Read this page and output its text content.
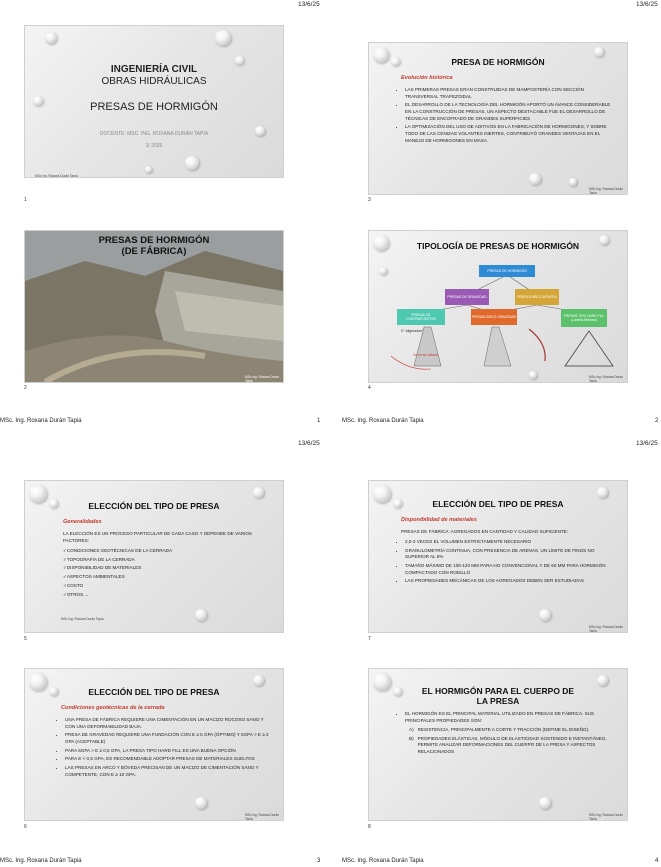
13/6/25	13/6/25
INGENIERÍA CIVIL
OBRAS HIDRÁULICAS
PRESAS DE HORMIGÓN
DOCENTE: MSC. ING. ROXANA DURÁN TAPIA
1/ 2025
MSc Ing. Roxana Durán Tapia
1
PRESA DE HORMIGÓN
Evolución histórica
• LAS PRIMERAS PRESAS ERAN CONSTRUIDAS DE MAMPOSTERÍA CON SECCIÓN TRANSVERSAL TRAPEZOIDAL
• EL DESARROLLO DE LA TECNOLOGÍA DEL HORMIGÓN APORTÓ UN AVANCE CONSIDERABLE EN LA CONSTRUCCIÓN DE PRESAS, UN ASPECTO DESTACABLE FUE EL DESARROLLO DE TÉCNICAS DE ENCOFRADO DE GRANDES SUPERFICIES
• LA OPTIMIZACIÓN DEL USO DE ADITIVOS EN LA FABRICACIÓN DE HORMIGONES, Y SOBRE TODO DE LAS CENIZAS VOLANTES INERTES, CONTRIBUYÓ GRANDES VENTAJAS EN EL MANEJO DE HORMIGONES EN MASA.
MSc Ing. Roxana Durán Tapia
3
PRESAS DE HORMIGÓN
(DE FÁBRICA)
MSc Ing. Roxana Durán Tapia
2
TIPOLOGÍA DE PRESAS DE HORMIGÓN
PRESAS DE HORMIGÓN
PRESAS DE GRAVEDAD	PRESAS ARCO-BÓVEDA
PRESAS DE CONTRAFUERTES
PRESAS ARCO-GRAVEDAD	PRESAS TIPO HARD FILL (Ladera-Rellena)
D "aligeradas"
Ya no se utilizan
MSc Ing. Roxana Durán Tapia
4
MSc. Ing. Roxana Durán Tapia	1	MSc. Ing. Roxana Durán Tapia	2
13/6/25	13/6/25
ELECCIÓN DEL TIPO DE PRESA
Generalidades
LA ELECCIÓN ES UN PROCESO PARTICULAR DE CADA CASO Y DEPENDE DE VARIOS FACTORES:
✓CONDICIONES GEOTÉCNICAS DE LA CERRADA
✓TOPOGRAFÍA DE LA CERRADA
✓DISPONIBILIDAD DE MATERIALES
✓ASPECTOS AMBIENTALES
✓COSTO
✓OTROS....
MSc Ing. Roxana Durán Tapia
5
ELECCIÓN DEL TIPO DE PRESA
Disponibilidad de materiales
PRESAS DE FÁBRICA: AGREGADOS EN CANTIDAD Y CALIDAD SUFICIENTE:
• 2,5-3 VECES EL VOLUMEN ESTRICTAMENTE NECESARIO
• GRANULOMETRÍA CONTINUA, CON PRESENCIA DE ARENAS, UN LÍMITE DE FINOS NO SUPERIOR AL 5%
• TAMAÑO MÁXIMO DE 100-120 MM PARA HO CONVENCIONAL Y DE 60 MM PARA HORMIGÓN COMPACTADO CON RODILLO
• LAS PROPIEDADES MECÁNICAS DE LOS AGREGADOS DEBEN SER ESTUDIADAS
MSc Ing. Roxana Durán Tapia
7
ELECCIÓN DEL TIPO DE PRESA
Condiciones geotécnicas de la cerrada
• UNA PRESA DE FÁBRICA REQUIERE UNA CIMENTACIÓN EN UN MACIZO ROCOSO SANO Y CON UNA DEFORMABILIDAD BAJA.
• PRESA DE GRAVEDAD REQUIERE UNA FUNDACIÓN CON E ≥ 5 GPA (ÓPTIMO) Y 5GPA > E ≥ 2 GPA (ACEPTABLE)
• PARA 5GPA > E ≥ 0,5 GPA, LA PRESA TIPO HARD FILL ES UNA BUENA OPCIÓN
• PARA E < 0,5 GPA, ES RECOMENDABLE ADOPTAR PRESAS DE MATERIALES SUELTOS
• LAS PRESAS EN ARCO Y BÓVEDA PRECISAN DE UN MACIZO DE CIMENTACIÓN SANO Y COMPETENTE, CON E ≥ 10 GPA.
MSc Ing. Roxana Durán Tapia
6
EL HORMIGÓN PARA EL CUERPO DE
LA PRESA
• EL HORMIGÓN ES EL PRINCIPAL MATERIAL UTILIZADO EN PRESAS DE FÁBRICA. SUS PRINCIPALES PROPIEDADES SON:
A) RESISTENCIA, PRINCIPALMENTE A CORTE Y TRACCIÓN (DEFINE EL DISEÑO).
B) PROPIEDADES ELÁSTICAS, MÓDULO DE ELASTICIDAD SOSTENIDO E INSTANTÁNEO, PERMITE ANALIZAR DEFORMACIONES DEL CUERPO DE LA PRESA Y ASPECTOS RELACIONADOS
MSc Ing. Roxana Durán Tapia
8
MSc. Ing. Roxana Durán Tapia	3	MSc. Ing. Roxana Durán Tapia	4
